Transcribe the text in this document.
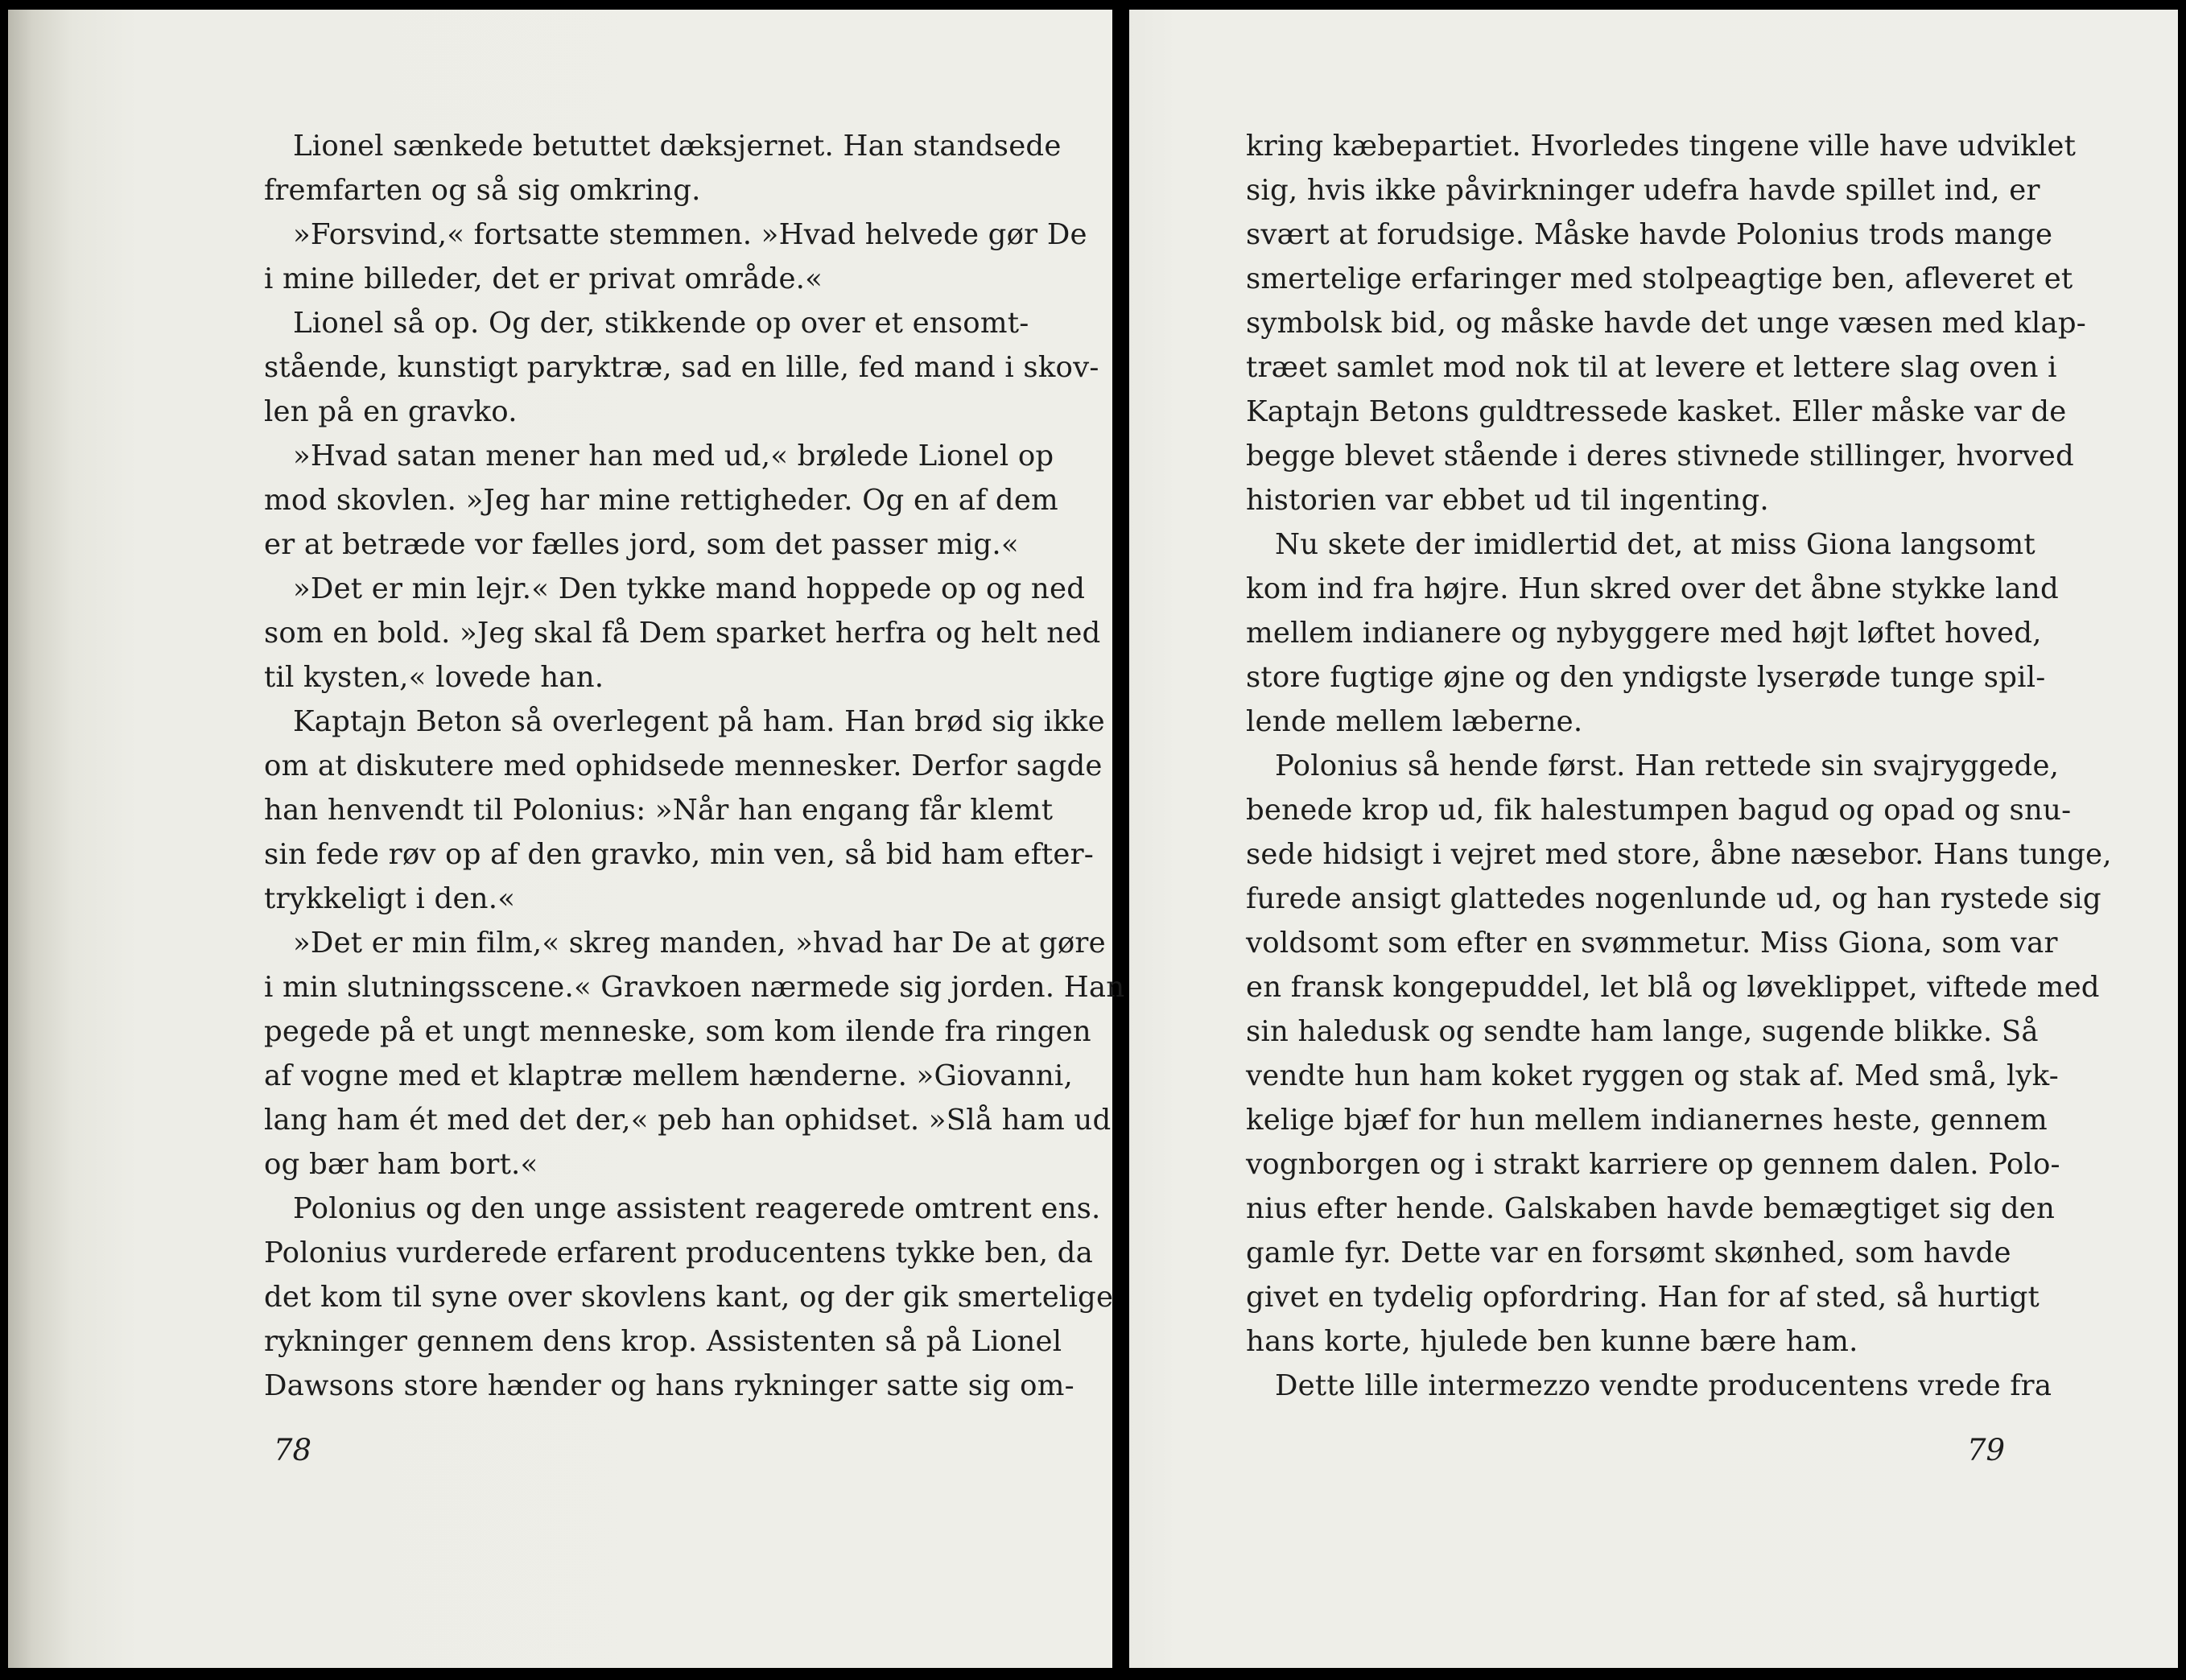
Lionel sænkede betuttet dæksjernet. Han standsede
fremfarten og så sig omkring.
»Forsvind,« fortsatte stemmen. »Hvad helvede gør De
i mine billeder, det er privat område.«
Lionel så op. Og der, stikkende op over et ensomt-
stående, kunstigt paryktræ, sad en lille, fed mand i skov-
len på en gravko.
»Hvad satan mener han med ud,« brølede Lionel op
mod skovlen. »Jeg har mine rettigheder. Og en af dem
er at betræde vor fælles jord, som det passer mig.«
»Det er min lejr.« Den tykke mand hoppede op og ned
som en bold. »Jeg skal få Dem sparket herfra og helt ned
til kysten,« lovede han.
Kaptajn Beton så overlegent på ham. Han brød sig ikke
om at diskutere med ophidsede mennesker. Derfor sagde
han henvendt til Polonius: »Når han engang får klemt
sin fede røv op af den gravko, min ven, så bid ham efter-
trykkeligt i den.«
»Det er min film,« skreg manden, »hvad har De at gøre
i min slutningsscene.« Gravkoen nærmede sig jorden. Han
pegede på et ungt menneske, som kom ilende fra ringen
af vogne med et klaptræ mellem hænderne. »Giovanni,
lang ham ét med det der,« peb han ophidset. »Slå ham ud
og bær ham bort.«
Polonius og den unge assistent reagerede omtrent ens.
Polonius vurderede erfarent producentens tykke ben, da
det kom til syne over skovlens kant, og der gik smertelige
rykninger gennem dens krop. Assistenten så på Lionel
Dawsons store hænder og hans rykninger satte sig om-
78
kring kæbepartiet. Hvorledes tingene ville have udviklet
sig, hvis ikke påvirkninger udefra havde spillet ind, er
svært at forudsige. Måske havde Polonius trods mange
smertelige erfaringer med stolpeagtige ben, afleveret et
symbolsk bid, og måske havde det unge væsen med klap-
træet samlet mod nok til at levere et lettere slag oven i
Kaptajn Betons guldtressede kasket. Eller måske var de
begge blevet stående i deres stivnede stillinger, hvorved
historien var ebbet ud til ingenting.
Nu skete der imidlertid det, at miss Giona langsomt
kom ind fra højre. Hun skred over det åbne stykke land
mellem indianere og nybyggere med højt løftet hoved,
store fugtige øjne og den yndigste lyserøde tunge spil-
lende mellem læberne.
Polonius så hende først. Han rettede sin svajryggede,
benede krop ud, fik halestumpen bagud og opad og snu-
sede hidsigt i vejret med store, åbne næsebor. Hans tunge,
furede ansigt glattedes nogenlunde ud, og han rystede sig
voldsomt som efter en svømmetur. Miss Giona, som var
en fransk kongepuddel, let blå og løveklippet, viftede med
sin haledusk og sendte ham lange, sugende blikke. Så
vendte hun ham koket ryggen og stak af. Med små, lyk-
kelige bjæf for hun mellem indianernes heste, gennem
vognborgen og i strakt karriere op gennem dalen. Polo-
nius efter hende. Galskaben havde bemægtiget sig den
gamle fyr. Dette var en forsømt skønhed, som havde
givet en tydelig opfordring. Han for af sted, så hurtigt
hans korte, hjulede ben kunne bære ham.
Dette lille intermezzo vendte producentens vrede fra
79
